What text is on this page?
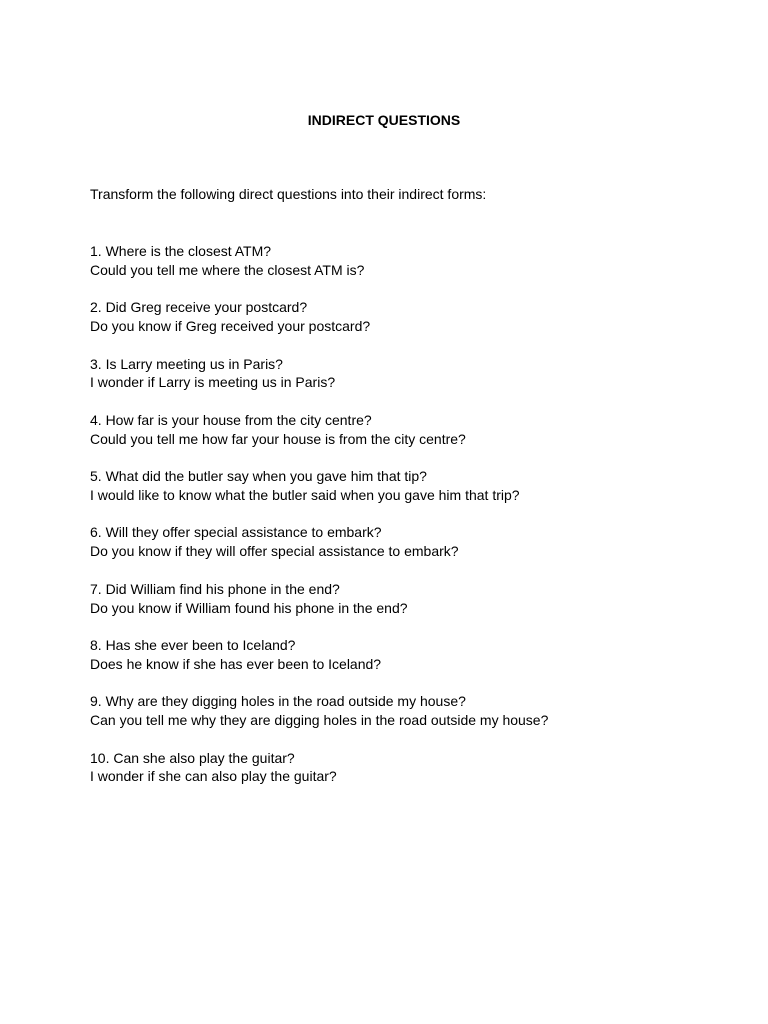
INDIRECT QUESTIONS
Transform the following direct questions into their indirect forms:
1. Where is the closest ATM?
Could you tell me where the closest ATM is?
2. Did Greg receive your postcard?
Do you know if Greg received your postcard?
3. Is Larry meeting us in Paris?
I wonder if Larry is meeting us in Paris?
4. How far is your house from the city centre?
Could you tell me how far your house is from the city centre?
5. What did the butler say when you gave him that tip?
I would like to know what the butler said when you gave him that trip?
6. Will they offer special assistance to embark?
Do you know if they will offer special assistance to embark?
7. Did William find his phone in the end?
Do you know if William found his phone in the end?
8. Has she ever been to Iceland?
Does he know if she has ever been to Iceland?
9. Why are they digging holes in the road outside my house?
Can you tell me why they are digging holes in the road outside my house?
10. Can she also play the guitar?
I wonder if she can also play the guitar?
